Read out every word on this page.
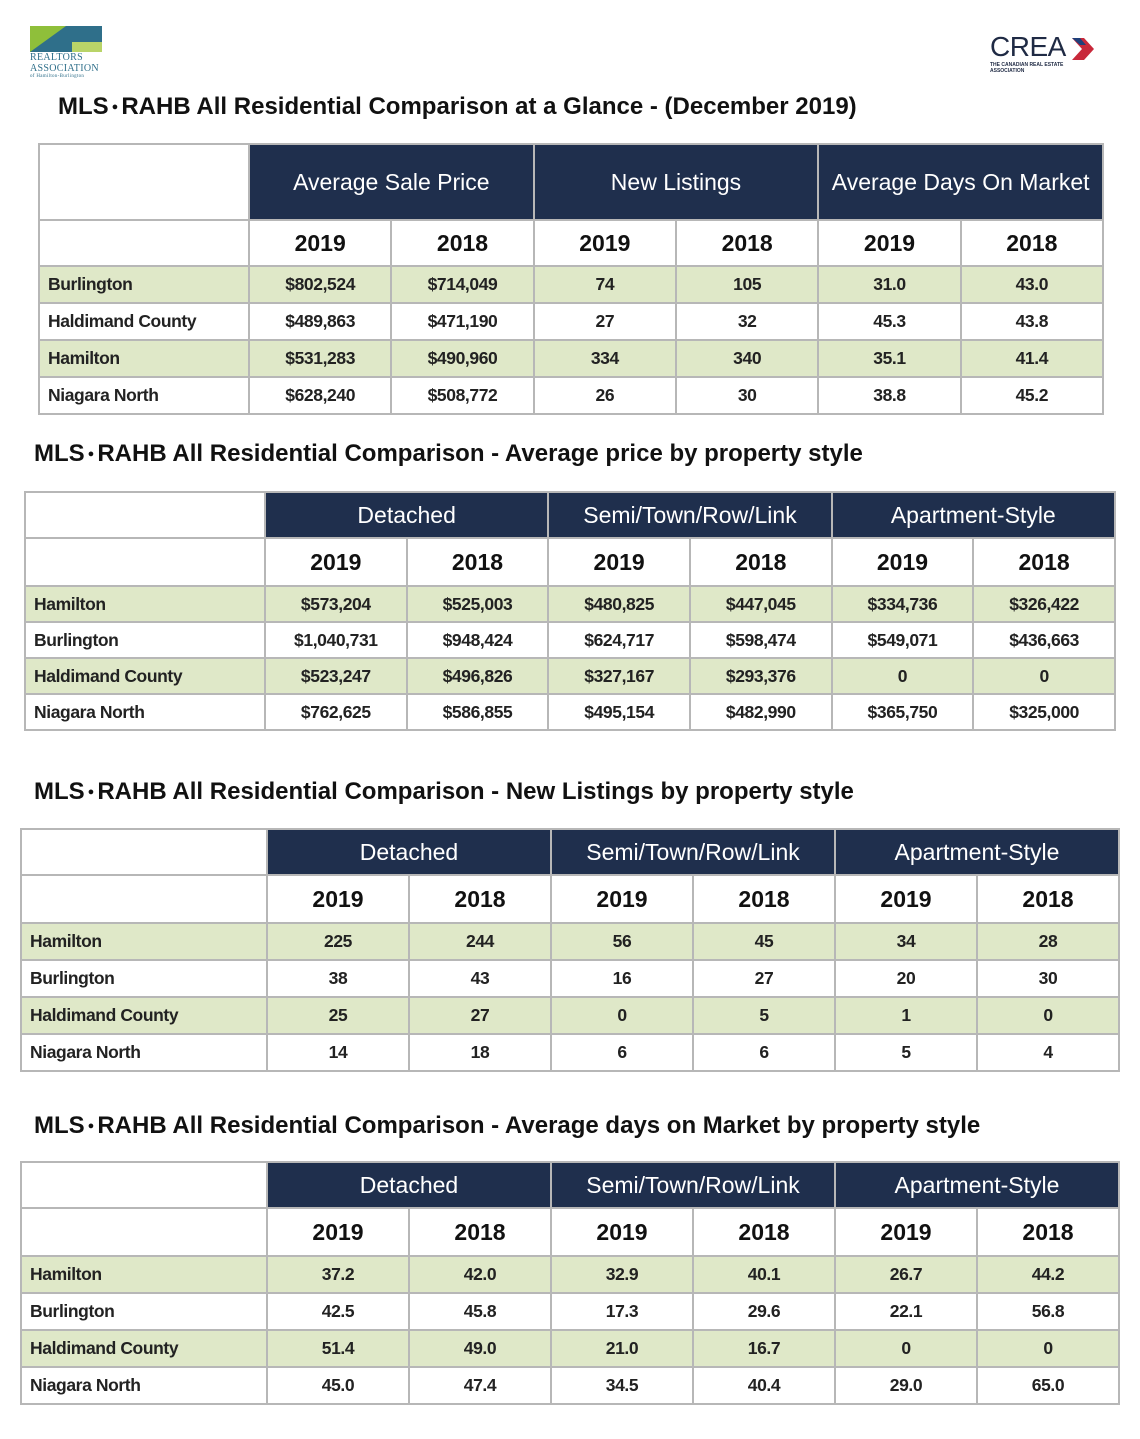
REALTORS
ASSOCIATION
of Hamilton-Burlington
CREA
THE CANADIAN REAL ESTATE ASSOCIATION
MLS ● RAHB All Residential Comparison at a Glance - (December 2019)
	Average Sale Price		New Listings		Average Days On Market	
	2019	2018	2019	2018	2019	2018
Burlington	$802,524	$714,049	74	105	31.0	43.0
Haldimand County	$489,863	$471,190	27	32	45.3	43.8
Hamilton	$531,283	$490,960	334	340	35.1	41.4
Niagara North	$628,240	$508,772	26	30	38.8	45.2
MLS ● RAHB All Residential Comparison - Average price by property style
	Detached		Semi/Town/Row/Link		Apartment-Style	
	2019	2018	2019	2018	2019	2018
Hamilton	$573,204	$525,003	$480,825	$447,045	$334,736	$326,422
Burlington	$1,040,731	$948,424	$624,717	$598,474	$549,071	$436,663
Haldimand County	$523,247	$496,826	$327,167	$293,376	0	0
Niagara North	$762,625	$586,855	$495,154	$482,990	$365,750	$325,000
MLS ● RAHB All Residential Comparison - New Listings by property style
	Detached		Semi/Town/Row/Link		Apartment-Style	
	2019	2018	2019	2018	2019	2018
Hamilton	225	244	56	45	34	28
Burlington	38	43	16	27	20	30
Haldimand County	25	27	0	5	1	0
Niagara North	14	18	6	6	5	4
MLS ● RAHB All Residential Comparison - Average days on Market by property style
	Detached		Semi/Town/Row/Link		Apartment-Style	
	2019	2018	2019	2018	2019	2018
Hamilton	37.2	42.0	32.9	40.1	26.7	44.2
Burlington	42.5	45.8	17.3	29.6	22.1	56.8
Haldimand County	51.4	49.0	21.0	16.7	0	0
Niagara North	45.0	47.4	34.5	40.4	29.0	65.0
